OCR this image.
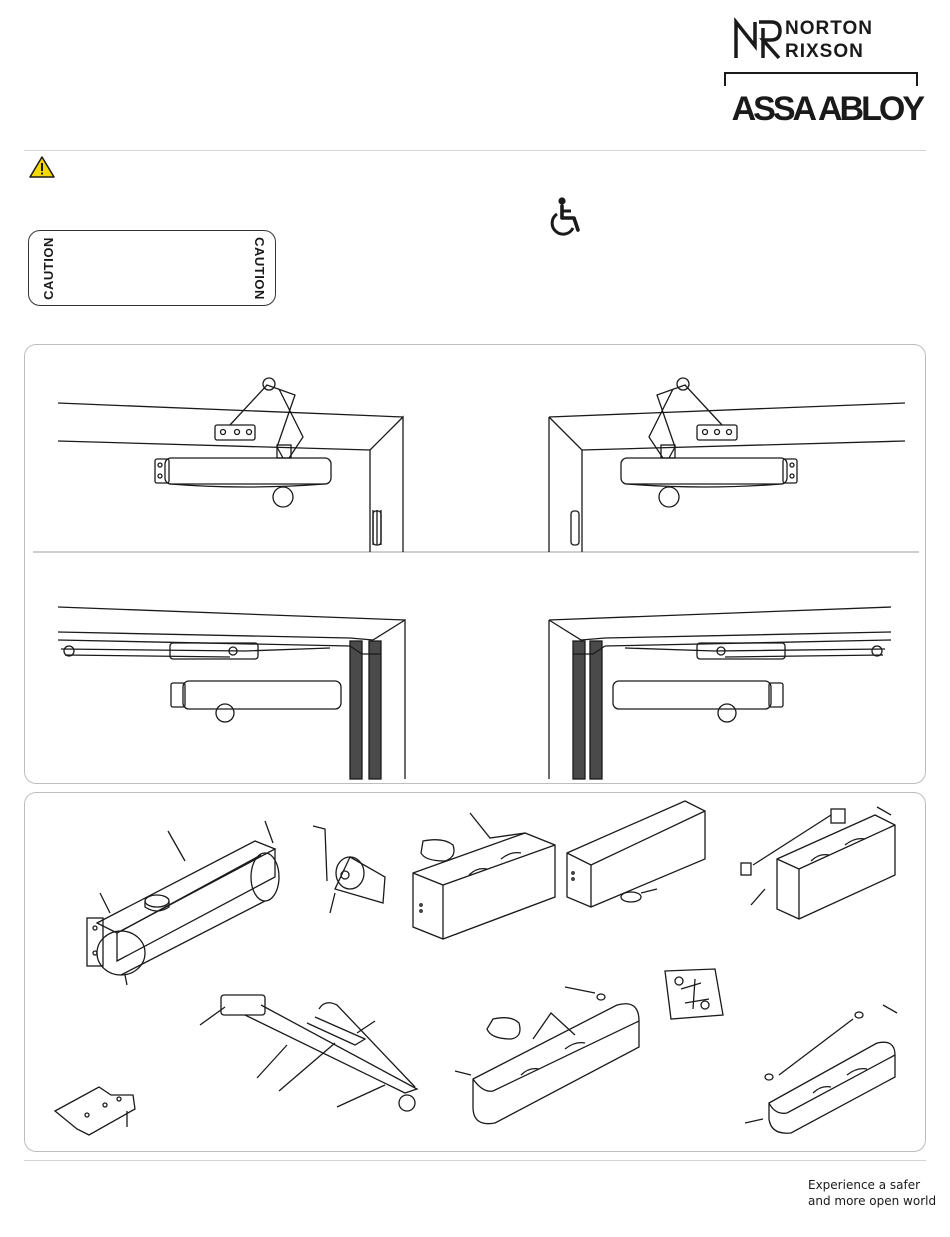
NORTON
RIXSON
ASSA ABLOY
CAUTION	CAUTION
Experience a safer
and more open world
